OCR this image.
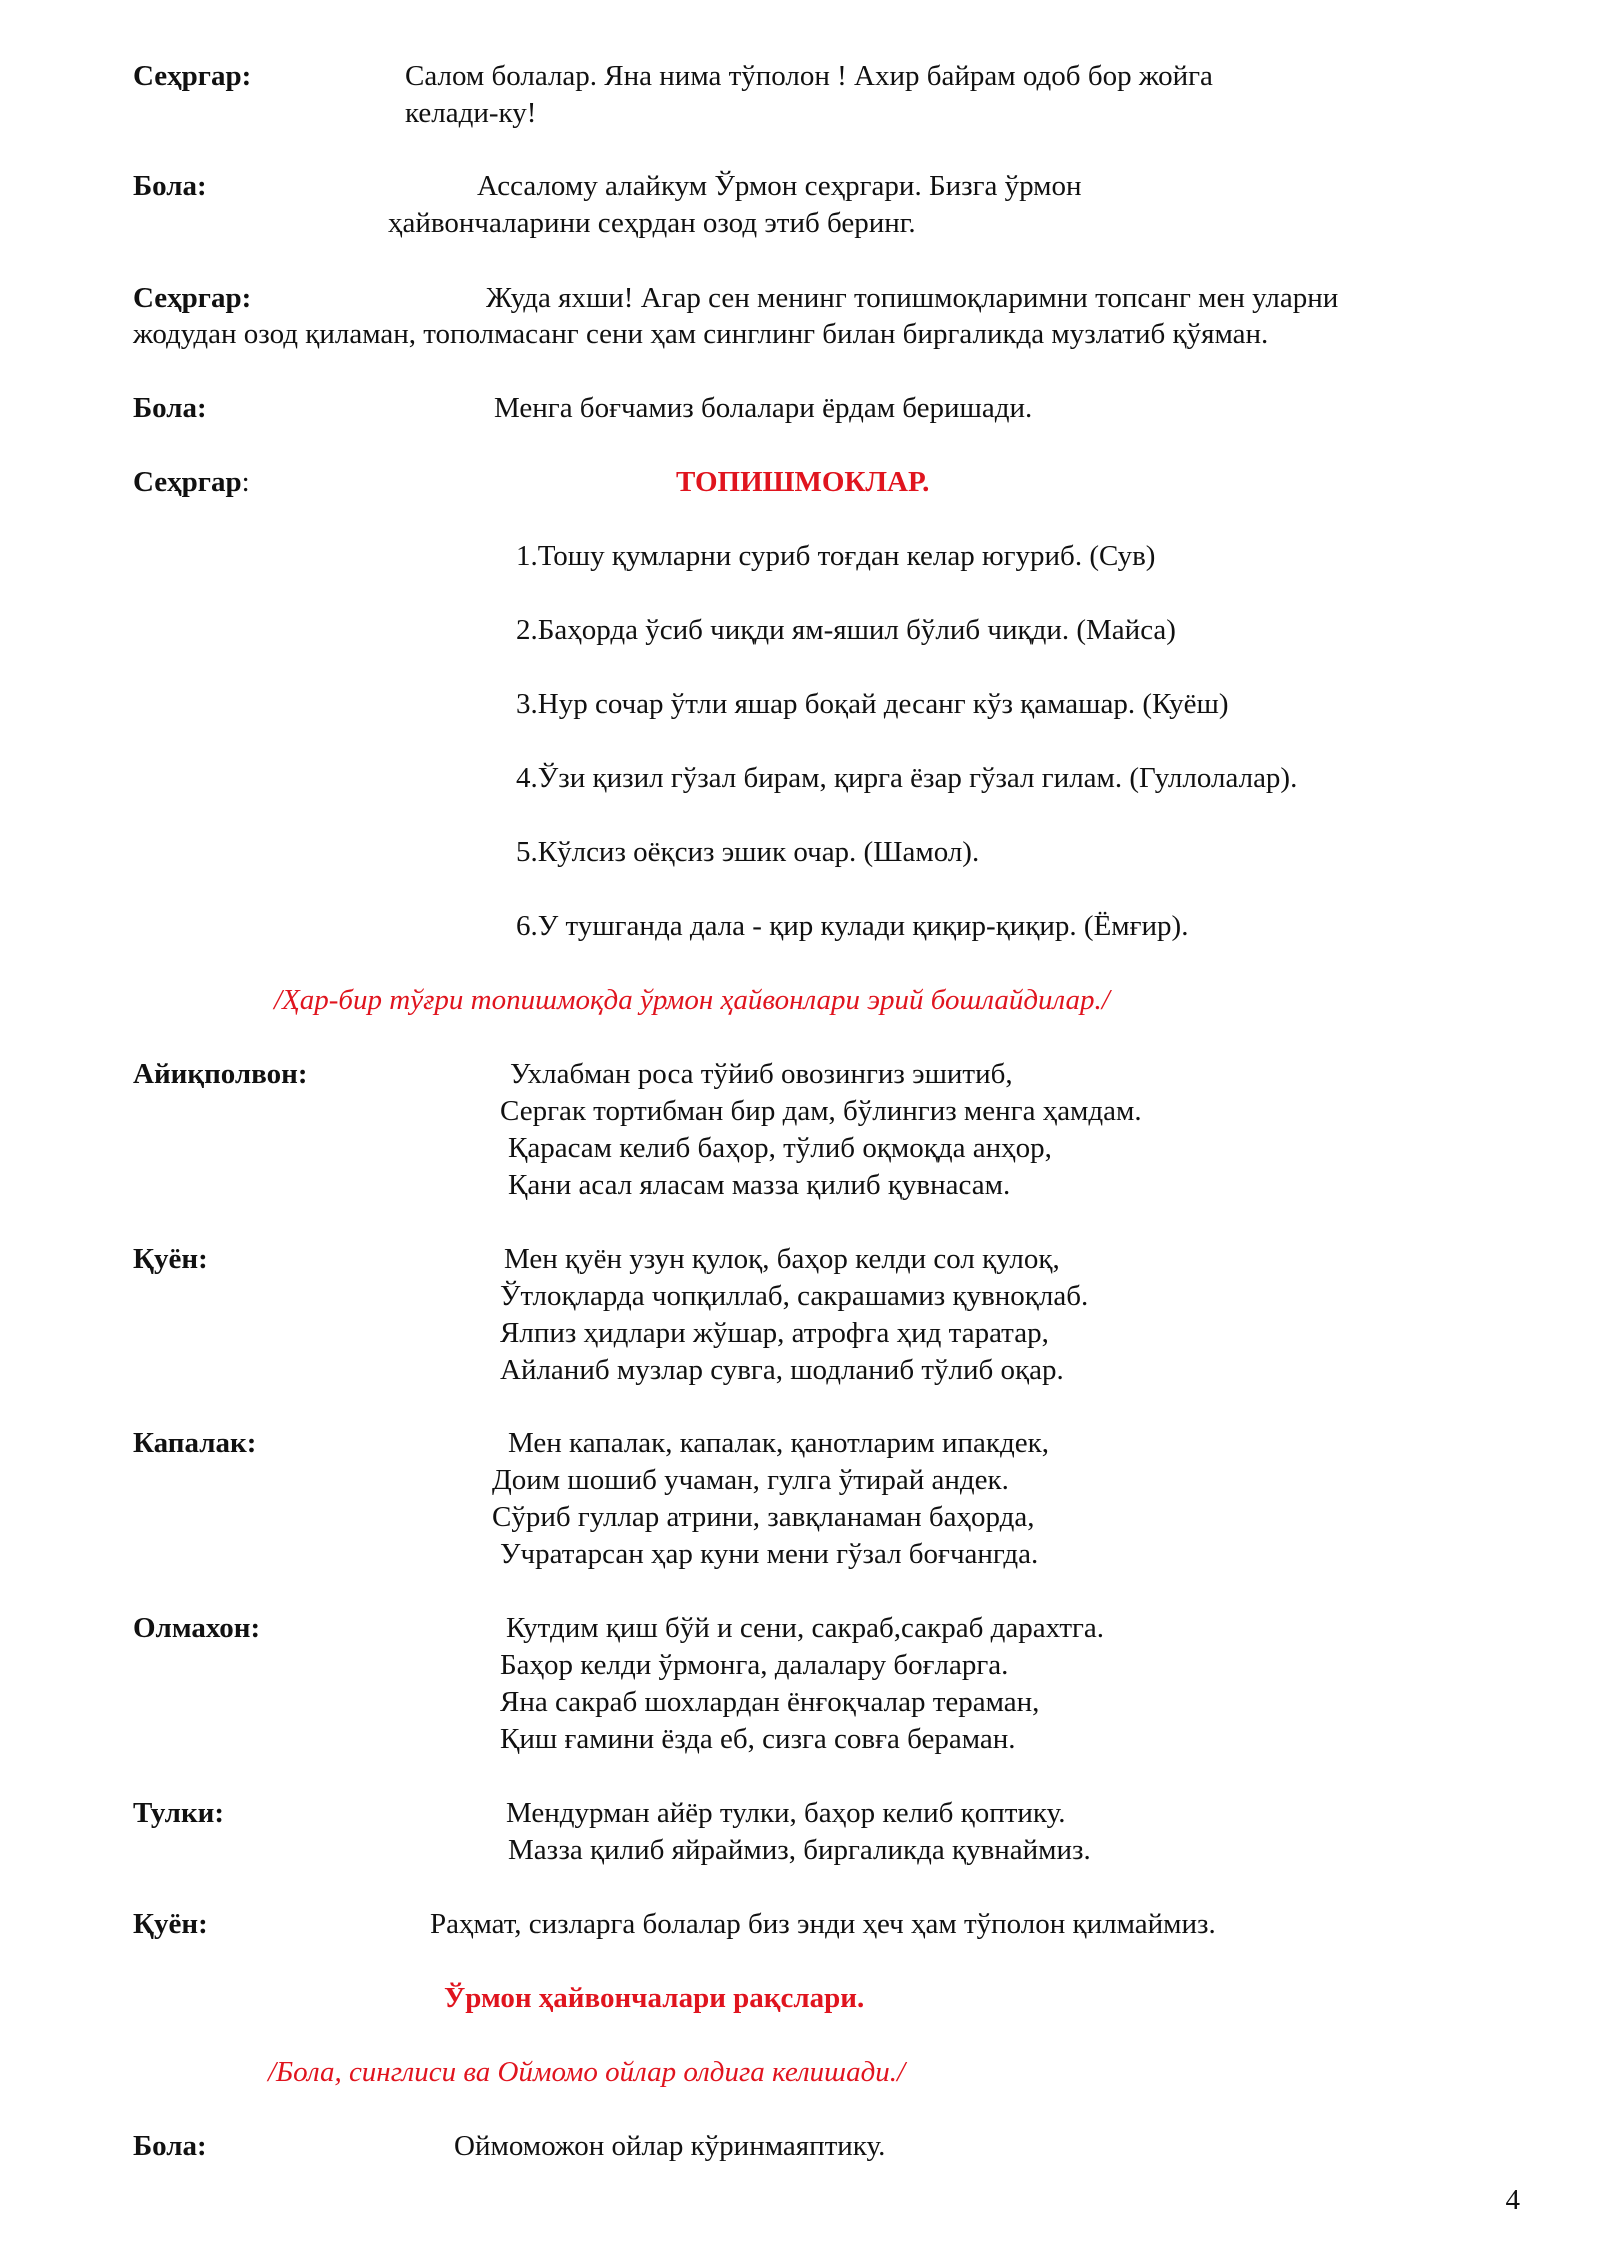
Сеҳргар:	Салом болалар. Яна нима тўполон ! Ахир байрам одоб бор жойга
келади-ку!
Бола:	Ассалому алайкум Ўрмон сеҳргари. Бизга ўрмон
ҳайвончаларини сеҳрдан озод этиб беринг.
Сеҳргар:	Жуда яхши! Агар сен менинг топишмоқларимни топсанг мен уларни
жодудан озод қиламан, тополмасанг сени ҳам синглинг билан биргаликда музлатиб қўяман.
Бола:	Менга боғчамиз болалари ёрдам беришади.
Сеҳргар:	ТОПИШМОКЛАР.
1.Тошу қумларни суриб тоғдан келар югуриб. (Сув)
2.Баҳорда ўсиб чиқди ям-яшил бўлиб чиқди. (Майса)
3.Нур сочар ўтли яшар боқай десанг кўз қамашар. (Куёш)
4.Ўзи қизил гўзал бирам, қирга ёзар гўзал гилам. (Гуллолалар).
5.Кўлсиз оёқсиз эшик очар. (Шамол).
6.У тушганда дала - қир кулади қиқир-қиқир. (Ёмғир).
/Ҳар-бир тўғри топишмоқда ўрмон ҳайвонлари эрий бошлайдилар./
Айиқполвон:	Ухлабман роса тўйиб овозингиз эшитиб,
Сергак тортибман бир дам, бўлингиз менга ҳамдам.
Қарасам келиб баҳор, тўлиб оқмоқда анҳор,
Қани асал яласам мазза қилиб қувнасам.
Қуён:	Мен қуён узун қулоқ, баҳор келди сол қулоқ,
Ўтлоқларда чопқиллаб, сакрашамиз қувноқлаб.
Ялпиз ҳидлари жўшар, атрофга ҳид таратар,
Айланиб музлар сувга, шодланиб тўлиб оқар.
Капалак:	Мен капалак, капалак, қанотларим ипакдек,
Доим шошиб учаман, гулга ўтирай андек.
Сўриб гуллар атрини, завқланаман баҳорда,
Учратарсан ҳар куни мени гўзал боғчангда.
Олмахон:	Кутдим қиш бўй и сени, сакраб,сакраб дарахтга.
Баҳор келди ўрмонга, далалару боғларга.
Яна сакраб шохлардан ёнғоқчалар тераман,
Қиш ғамини ёзда еб, сизга совға бераман.
Тулки:	Мендурман айёр тулки, баҳор келиб қоптику.
Мазза қилиб яйраймиз, биргаликда қувнаймиз.
Қуён:	Раҳмат, сизларга болалар биз энди ҳеч ҳам тўполон қилмаймиз.
Ўрмон ҳайвончалари рақслари.
/Бола, синглиси ва Оймомо ойлар олдига келишади./
Бола:	Оймоможон ойлар кўринмаяптику.
4
